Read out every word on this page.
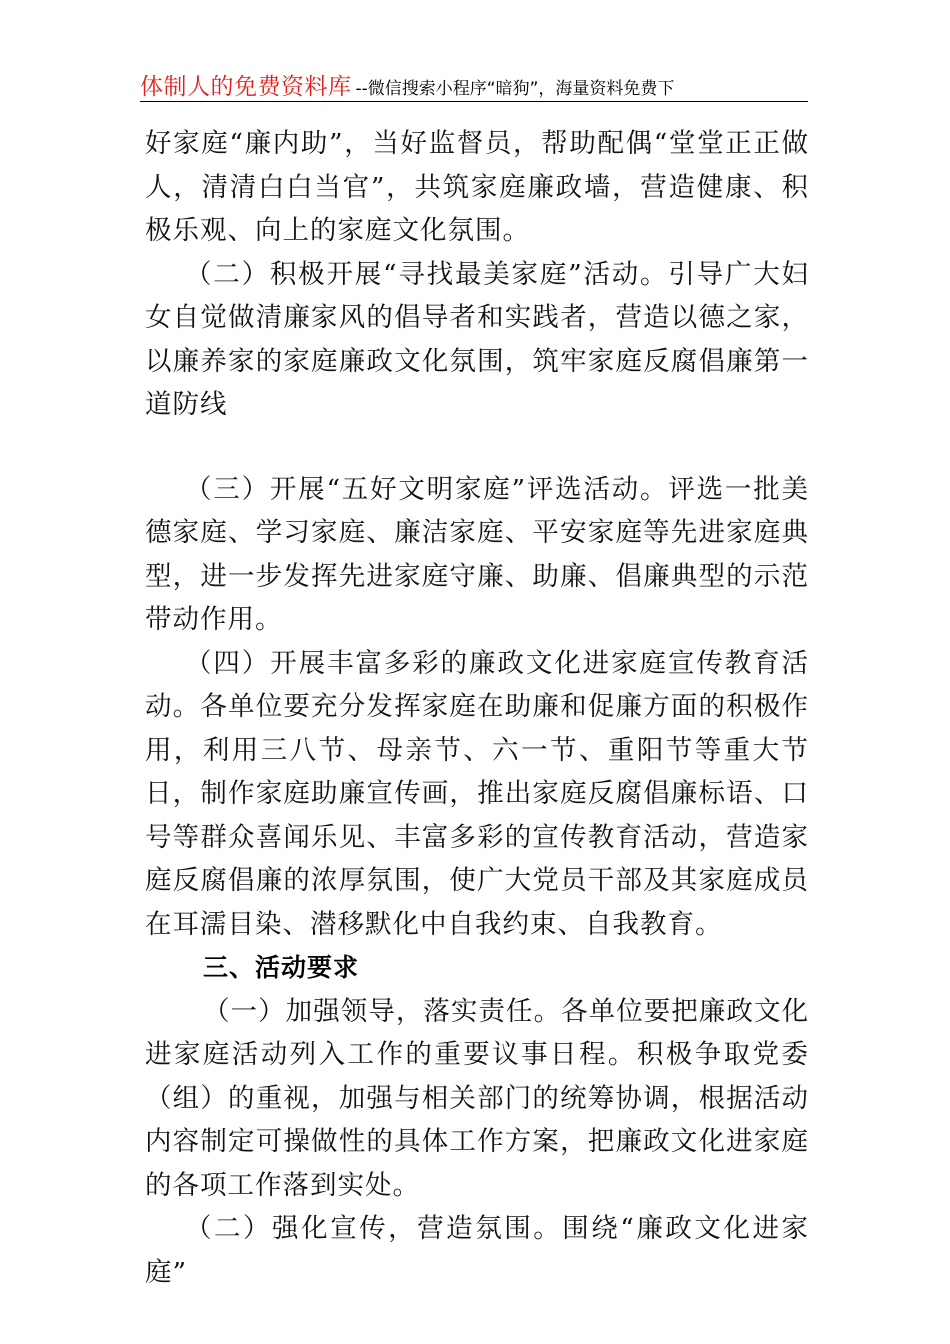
体制人的免费资料库 --微信搜索小程序“暗狗”，海量资料免费下

好家庭“廉内助”，当好监督员，帮助配偶“堂堂正正做人，清清白白当官”，共筑家庭廉政墙，营造健康、积极乐观、向上的家庭文化氛围。

（二）积极开展“寻找最美家庭”活动。引导广大妇女自觉做清廉家风的倡导者和实践者，营造以德之家，以廉养家的家庭廉政文化氛围，筑牢家庭反腐倡廉第一道防线

（三）开展“五好文明家庭”评选活动。评选一批美德家庭、学习家庭、廉洁家庭、平安家庭等先进家庭典型，进一步发挥先进家庭守廉、助廉、倡廉典型的示范带动作用。

（四）开展丰富多彩的廉政文化进家庭宣传教育活动。各单位要充分发挥家庭在助廉和促廉方面的积极作用，利用三八节、母亲节、六一节、重阳节等重大节日，制作家庭助廉宣传画，推出家庭反腐倡廉标语、口号等群众喜闻乐见、丰富多彩的宣传教育活动，营造家庭反腐倡廉的浓厚氛围，使广大党员干部及其家庭成员在耳濡目染、潜移默化中自我约束、自我教育。

三、活动要求

（一）加强领导，落实责任。各单位要把廉政文化进家庭活动列入工作的重要议事日程。积极争取党委（组）的重视，加强与相关部门的统筹协调，根据活动内容制定可操做性的具体工作方案，把廉政文化进家庭的各项工作落到实处。

（二）强化宣传，营造氛围。围绕“廉政文化进家庭”
